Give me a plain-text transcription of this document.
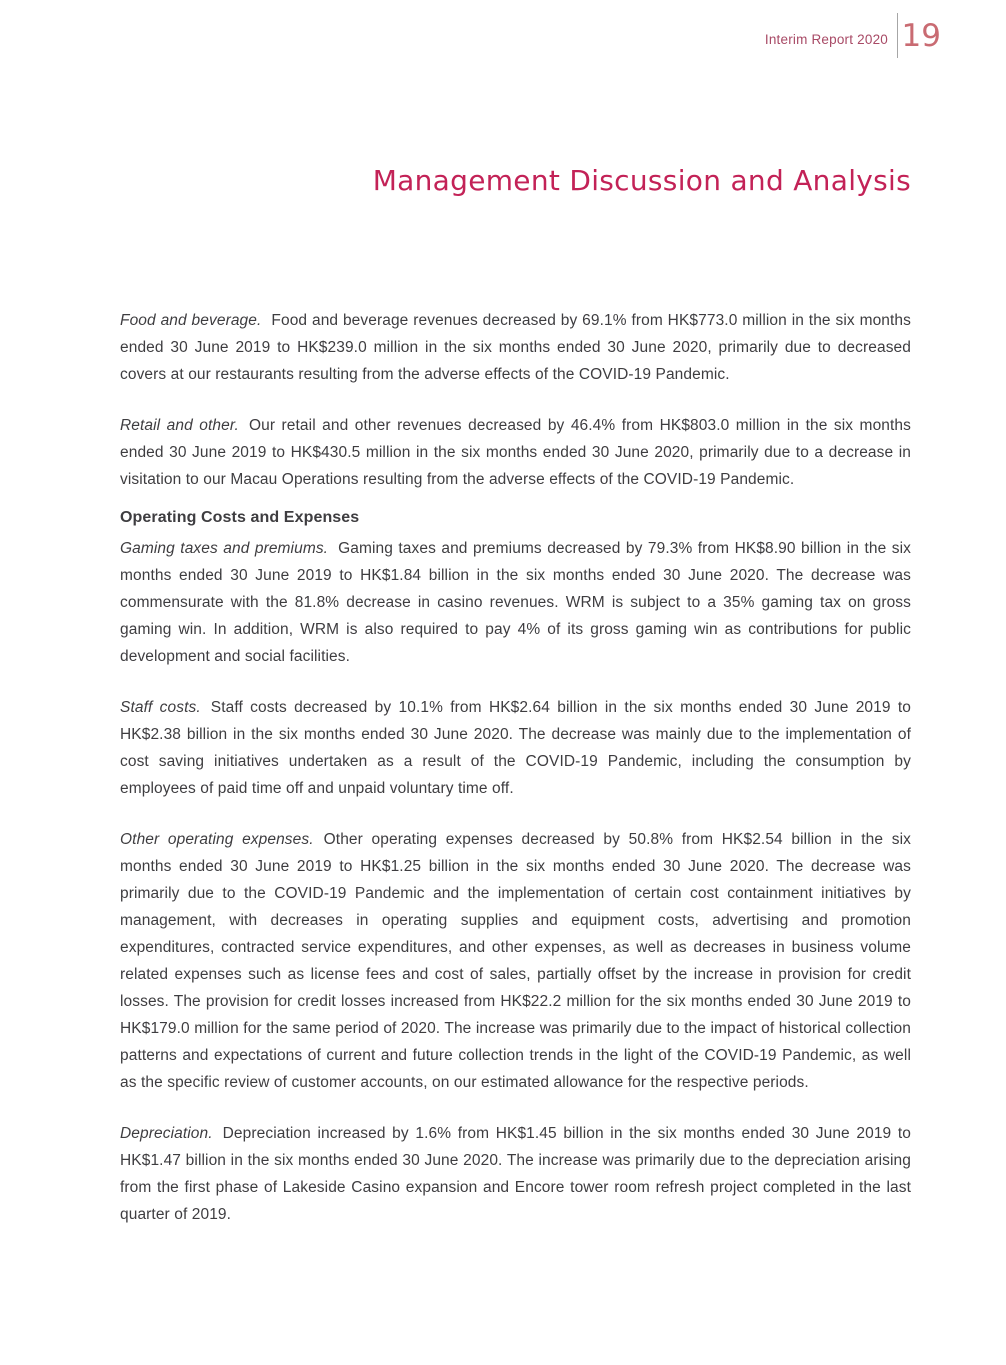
Interim Report 2020 19
Management Discussion and Analysis

Food and beverage. Food and beverage revenues decreased by 69.1% from HK$773.0 million in the six months ended 30 June 2019 to HK$239.0 million in the six months ended 30 June 2020, primarily due to decreased covers at our restaurants resulting from the adverse effects of the COVID-19 Pandemic.

Retail and other. Our retail and other revenues decreased by 46.4% from HK$803.0 million in the six months ended 30 June 2019 to HK$430.5 million in the six months ended 30 June 2020, primarily due to a decrease in visitation to our Macau Operations resulting from the adverse effects of the COVID-19 Pandemic.

Operating Costs and Expenses

Gaming taxes and premiums. Gaming taxes and premiums decreased by 79.3% from HK$8.90 billion in the six months ended 30 June 2019 to HK$1.84 billion in the six months ended 30 June 2020. The decrease was commensurate with the 81.8% decrease in casino revenues. WRM is subject to a 35% gaming tax on gross gaming win. In addition, WRM is also required to pay 4% of its gross gaming win as contributions for public development and social facilities.

Staff costs. Staff costs decreased by 10.1% from HK$2.64 billion in the six months ended 30 June 2019 to HK$2.38 billion in the six months ended 30 June 2020. The decrease was mainly due to the implementation of cost saving initiatives undertaken as a result of the COVID-19 Pandemic, including the consumption by employees of paid time off and unpaid voluntary time off.

Other operating expenses. Other operating expenses decreased by 50.8% from HK$2.54 billion in the six months ended 30 June 2019 to HK$1.25 billion in the six months ended 30 June 2020. The decrease was primarily due to the COVID-19 Pandemic and the implementation of certain cost containment initiatives by management, with decreases in operating supplies and equipment costs, advertising and promotion expenditures, contracted service expenditures, and other expenses, as well as decreases in business volume related expenses such as license fees and cost of sales, partially offset by the increase in provision for credit losses. The provision for credit losses increased from HK$22.2 million for the six months ended 30 June 2019 to HK$179.0 million for the same period of 2020. The increase was primarily due to the impact of historical collection patterns and expectations of current and future collection trends in the light of the COVID-19 Pandemic, as well as the specific review of customer accounts, on our estimated allowance for the respective periods.

Depreciation. Depreciation increased by 1.6% from HK$1.45 billion in the six months ended 30 June 2019 to HK$1.47 billion in the six months ended 30 June 2020. The increase was primarily due to the depreciation arising from the first phase of Lakeside Casino expansion and Encore tower room refresh project completed in the last quarter of 2019.
